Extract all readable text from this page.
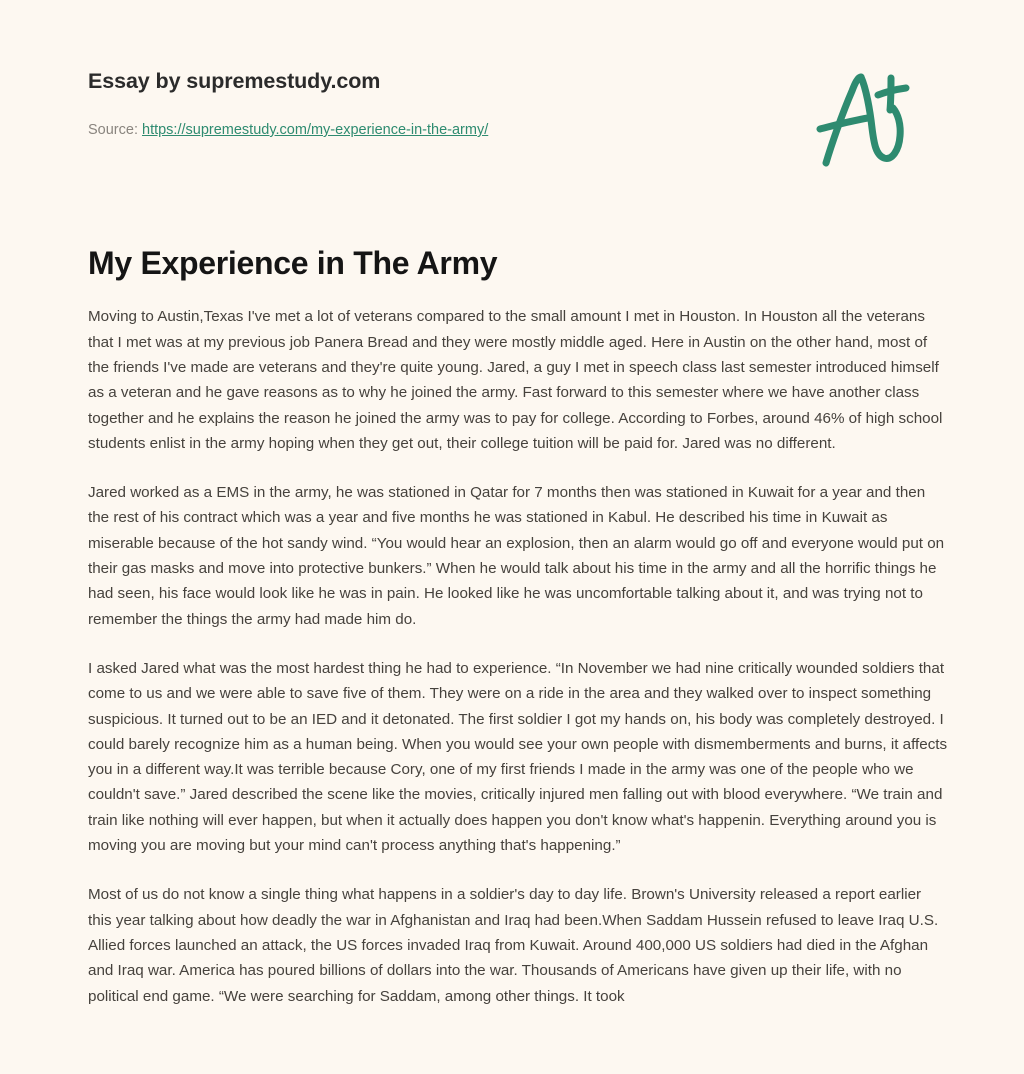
Essay by supremestudy.com
Source: https://supremestudy.com/my-experience-in-the-army/
My Experience in The Army

Moving to Austin,Texas I've met a lot of veterans compared to the small amount I met in Houston. In Houston all the veterans that I met was at my previous job Panera Bread and they were mostly middle aged. Here in Austin on the other hand, most of the friends I've made are veterans and they're quite young. Jared, a guy I met in speech class last semester introduced himself as a veteran and he gave reasons as to why he joined the army. Fast forward to this semester where we have another class together and he explains the reason he joined the army was to pay for college. According to Forbes, around 46% of high school students enlist in the army hoping when they get out, their college tuition will be paid for. Jared was no different.

Jared worked as a EMS in the army, he was stationed in Qatar for 7 months then was stationed in Kuwait for a year and then the rest of his contract which was a year and five months he was stationed in Kabul. He described his time in Kuwait as miserable because of the hot sandy wind. “You would hear an explosion, then an alarm would go off and everyone would put on their gas masks and move into protective bunkers.” When he would talk about his time in the army and all the horrific things he had seen, his face would look like he was in pain. He looked like he was uncomfortable talking about it, and was trying not to remember the things the army had made him do.

I asked Jared what was the most hardest thing he had to experience. “In November we had nine critically wounded soldiers that come to us and we were able to save five of them. They were on a ride in the area and they walked over to inspect something suspicious. It turned out to be an IED and it detonated. The first soldier I got my hands on, his body was completely destroyed. I could barely recognize him as a human being. When you would see your own people with dismemberments and burns, it affects you in a different way.It was terrible because Cory, one of my first friends I made in the army was one of the people who we couldn't save.” Jared described the scene like the movies, critically injured men falling out with blood everywhere. “We train and train like nothing will ever happen, but when it actually does happen you don't know what's happenin. Everything around you is moving you are moving but your mind can't process anything that's happening.”

Most of us do not know a single thing what happens in a soldier's day to day life. Brown's University released a report earlier this year talking about how deadly the war in Afghanistan and Iraq had been.When Saddam Hussein refused to leave Iraq U.S. Allied forces launched an attack, the US forces invaded Iraq from Kuwait. Around 400,000 US soldiers had died in the Afghan and Iraq war. America has poured billions of dollars into the war. Thousands of Americans have given up their life, with no political end game. “We were searching for Saddam, among other things. It took
